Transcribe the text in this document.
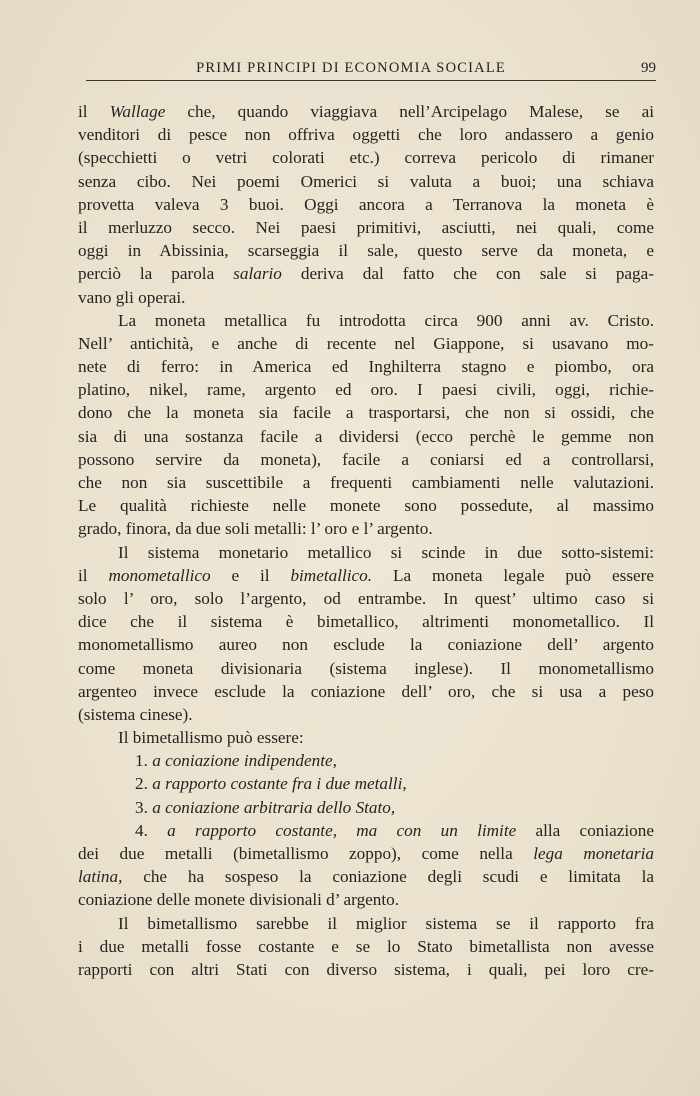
PRIMI PRINCIPI DI ECONOMIA SOCIALE	99
il Wallage che, quando viaggiava nell’Arcipelago Malese, se ai
venditori di pesce non offriva oggetti che loro andassero a genio
(specchietti o vetri colorati etc.) correva pericolo di rimaner
senza cibo. Nei poemi Omerici si valuta a buoi; una schiava
provetta valeva 3 buoi. Oggi ancora a Terranova la moneta è
il merluzzo secco. Nei paesi primitivi, asciutti, nei quali, come
oggi in Abissinia, scarseggia il sale, questo serve da moneta, e
perciò la parola salario deriva dal fatto che con sale si paga-
vano gli operai.
La moneta metallica fu introdotta circa 900 anni av. Cristo.
Nell’ antichità, e anche di recente nel Giappone, si usavano mo-
nete di ferro: in America ed Inghilterra stagno e piombo, ora
platino, nikel, rame, argento ed oro. I paesi civili, oggi, richie-
dono che la moneta sia facile a trasportarsi, che non si ossidi, che
sia di una sostanza facile a dividersi (ecco perchè le gemme non
possono servire da moneta), facile a coniarsi ed a controllarsi,
che non sia suscettibile a frequenti cambiamenti nelle valutazioni.
Le qualità richieste nelle monete sono possedute, al massimo
grado, finora, da due soli metalli: l’ oro e l’ argento.
Il sistema monetario metallico si scinde in due sotto-sistemi:
il monometallico e il bimetallico. La moneta legale può essere
solo l’ oro, solo l’argento, od entrambe. In quest’ ultimo caso si
dice che il sistema è bimetallico, altrimenti monometallico. Il
monometallismo aureo non esclude la coniazione dell’ argento
come moneta divisionaria (sistema inglese). Il monometallismo
argenteo invece esclude la coniazione dell’ oro, che si usa a peso
(sistema cinese).
Il bimetallismo può essere:
1. a coniazione indipendente,
2. a rapporto costante fra i due metalli,
3. a coniazione arbitraria dello Stato,
4. a rapporto costante, ma con un limite alla coniazione
dei due metalli (bimetallismo zoppo), come nella lega monetaria
latina, che ha sospeso la coniazione degli scudi e limitata la
coniazione delle monete divisionali d’ argento.
Il bimetallismo sarebbe il miglior sistema se il rapporto fra
i due metalli fosse costante e se lo Stato bimetallista non avesse
rapporti con altri Stati con diverso sistema, i quali, pei loro cre-
